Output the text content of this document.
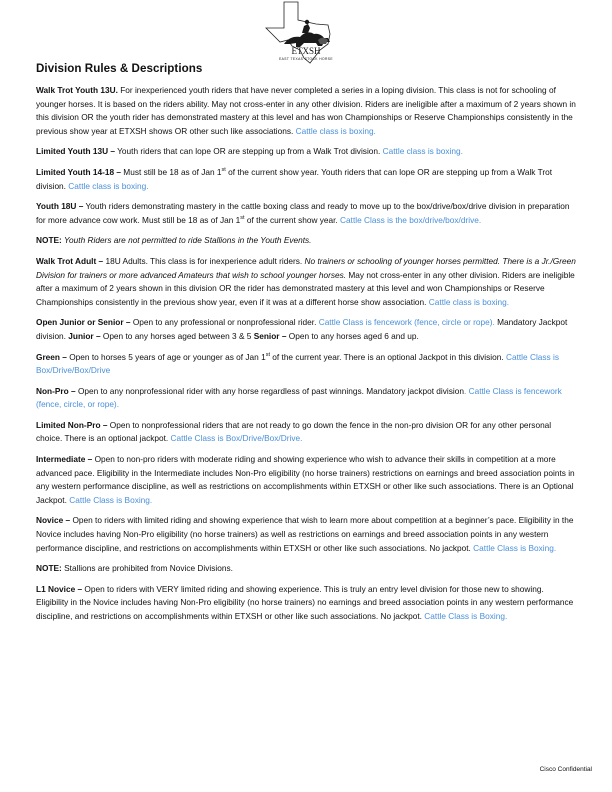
ETXSH
EAST TEXAS STOCK HORSE
Division Rules & Descriptions

Walk Trot Youth 13U. For inexperienced youth riders that have never completed a series in a loping division. This class is not for schooling of younger horses. It is based on the riders ability. May not cross-enter in any other division. Riders are ineligible after a maximum of 2 years shown in this division OR the youth rider has demonstrated mastery at this level and has won Championships or Reserve Championships consistently in the previous show year at ETXSH shows OR other such like associations. Cattle class is boxing.

Limited Youth 13U – Youth riders that can lope OR are stepping up from a Walk Trot division. Cattle class is boxing.

Limited Youth 14-18 – Must still be 18 as of Jan 1st of the current show year. Youth riders that can lope OR are stepping up from a Walk Trot division. Cattle class is boxing.

Youth 18U – Youth riders demonstrating mastery in the cattle boxing class and ready to move up to the box/drive/box/drive division in preparation for more advance cow work. Must still be 18 as of Jan 1st of the current show year. Cattle Class is the box/drive/box/drive.

NOTE: Youth Riders are not permitted to ride Stallions in the Youth Events.

Walk Trot Adult – 18U Adults. This class is for inexperience adult riders. No trainers or schooling of younger horses permitted. There is a Jr./Green Division for trainers or more advanced Amateurs that wish to school younger horses. May not cross-enter in any other division. Riders are ineligible after a maximum of 2 years shown in this division OR the rider has demonstrated mastery at this level and won Championships or Reserve Championships consistently in the previous show year, even if it was at a different horse show association. Cattle class is boxing.

Open Junior or Senior – Open to any professional or nonprofessional rider. Cattle Class is fencework (fence, circle or rope). Mandatory Jackpot division. Junior – Open to any horses aged between 3 & 5 Senior – Open to any horses aged 6 and up.

Green – Open to horses 5 years of age or younger as of Jan 1st of the current year. There is an optional Jackpot in this division. Cattle Class is Box/Drive/Box/Drive

Non-Pro – Open to any nonprofessional rider with any horse regardless of past winnings. Mandatory jackpot division. Cattle Class is fencework (fence, circle, or rope).

Limited Non-Pro – Open to nonprofessional riders that are not ready to go down the fence in the non-pro division OR for any other personal choice. There is an optional jackpot. Cattle Class is Box/Drive/Box/Drive.

Intermediate – Open to non-pro riders with moderate riding and showing experience who wish to advance their skills in competition at a more advanced pace. Eligibility in the Intermediate includes Non-Pro eligibility (no horse trainers) restrictions on earnings and breed association points in any western performance discipline, as well as restrictions on accomplishments within ETXSH or other like such associations. There is an Optional Jackpot. Cattle Class is Boxing.

Novice – Open to riders with limited riding and showing experience that wish to learn more about competition at a beginner’s pace. Eligibility in the Novice includes having Non-Pro eligibility (no horse trainers) as well as restrictions on earnings and breed association points in any western performance discipline, and restrictions on accomplishments within ETXSH or other like such associations. No jackpot. Cattle Class is Boxing.

NOTE: Stallions are prohibited from Novice Divisions.

L1 Novice – Open to riders with VERY limited riding and showing experience. This is truly an entry level division for those new to showing. Eligibility in the Novice includes having Non-Pro eligibility (no horse trainers) no earnings and breed association points in any western performance discipline, and restrictions on accomplishments within ETXSH or other like such associations. No jackpot. Cattle Class is Boxing.

Cisco Confidential
